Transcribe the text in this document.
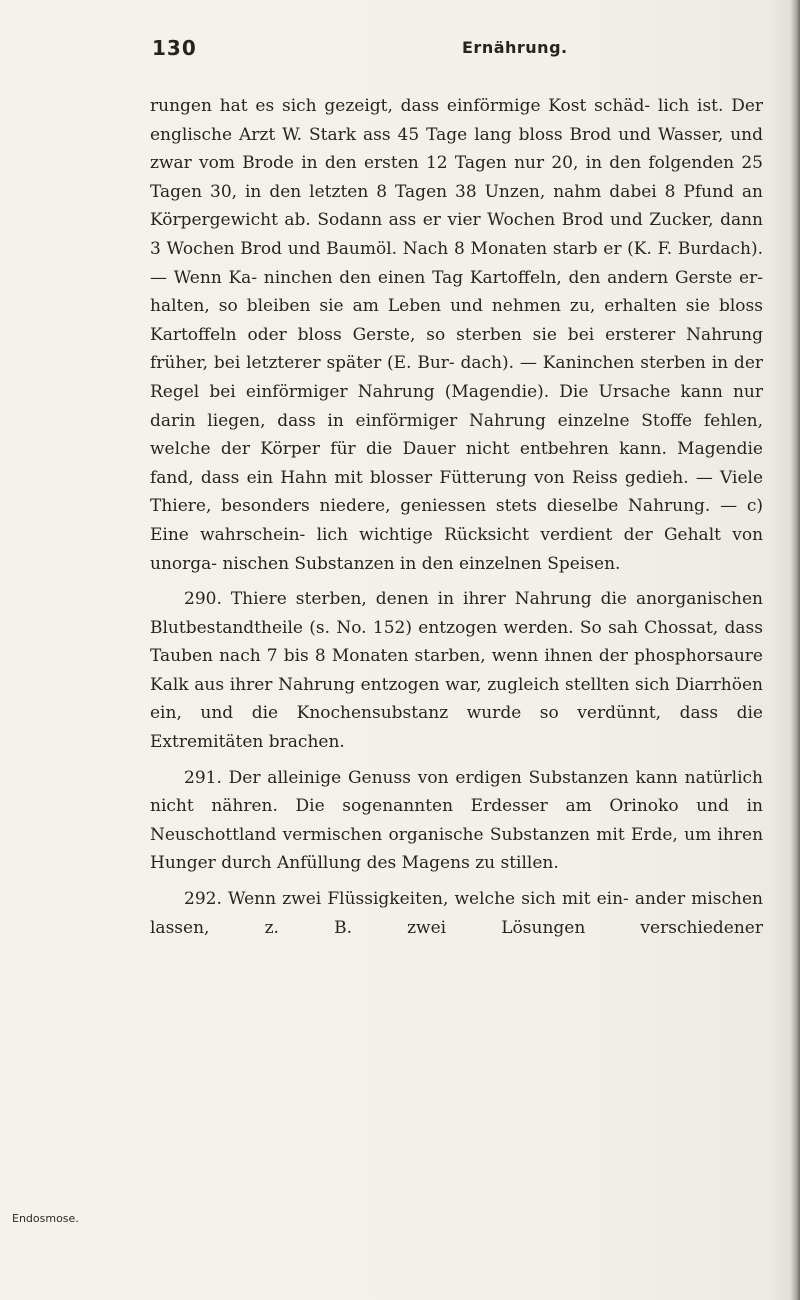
130	Ernährung.
Endosmose.

rungen hat es sich gezeigt, dass einförmige Kost schäd- lich ist. Der englische Arzt W. Stark ass 45 Tage lang bloss Brod und Wasser, und zwar vom Brode in den ersten 12 Tagen nur 20, in den folgenden 25 Tagen 30, in den letzten 8 Tagen 38 Unzen, nahm dabei 8 Pfund an Körpergewicht ab. Sodann ass er vier Wochen Brod und Zucker, dann 3 Wochen Brod und Baumöl. Nach 8 Monaten starb er (K. F. Burdach). — Wenn Ka- ninchen den einen Tag Kartoffeln, den andern Gerste er- halten, so bleiben sie am Leben und nehmen zu, erhalten sie bloss Kartoffeln oder bloss Gerste, so sterben sie bei ersterer Nahrung früher, bei letzterer später (E. Bur- dach). — Kaninchen sterben in der Regel bei einförmiger Nahrung (Magendie). Die Ursache kann nur darin liegen, dass in einförmiger Nahrung einzelne Stoffe fehlen, welche der Körper für die Dauer nicht entbehren kann. Magendie fand, dass ein Hahn mit blosser Fütterung von Reiss gedieh. — Viele Thiere, besonders niedere, geniessen stets dieselbe Nahrung. — c) Eine wahrschein- lich wichtige Rücksicht verdient der Gehalt von unorga- nischen Substanzen in den einzelnen Speisen.

290. Thiere sterben, denen in ihrer Nahrung die anorganischen Blutbestandtheile (s. No. 152) entzogen werden. So sah Chossat, dass Tauben nach 7 bis 8 Monaten starben, wenn ihnen der phosphorsaure Kalk aus ihrer Nahrung entzogen war, zugleich stellten sich Diarrhöen ein, und die Knochensubstanz wurde so verdünnt, dass die Extremitäten brachen.

291. Der alleinige Genuss von erdigen Substanzen kann natürlich nicht nähren. Die sogenannten Erdesser am Orinoko und in Neuschottland vermischen organische Substanzen mit Erde, um ihren Hunger durch Anfüllung des Magens zu stillen.

292. Wenn zwei Flüssigkeiten, welche sich mit ein- ander mischen lassen, z. B. zwei Lösungen verschiedener
